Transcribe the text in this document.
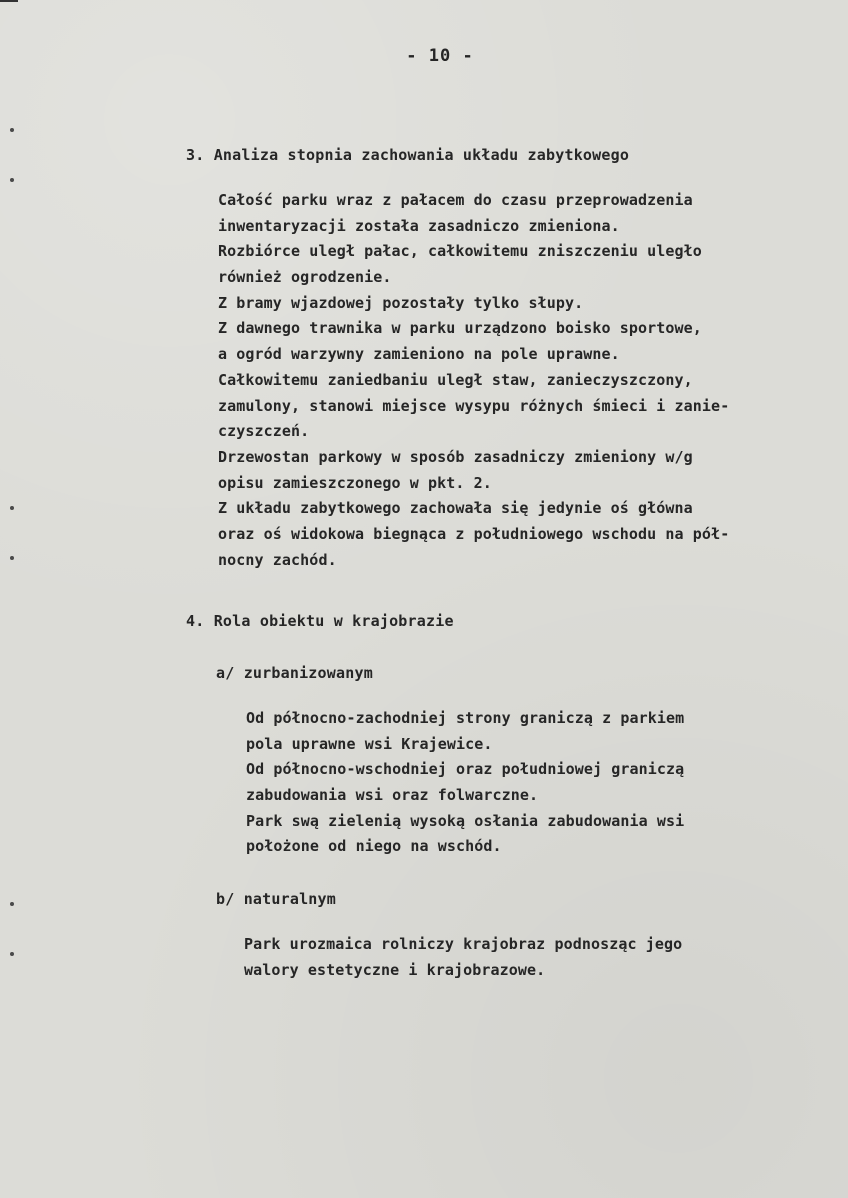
- 10 -
3. Analiza stopnia zachowania układu zabytkowego
Całość parku wraz z pałacem do czasu przeprowadzenia
inwentaryzacji została zasadniczo zmieniona.
Rozbiórce uległ pałac, całkowitemu zniszczeniu uległo
również ogrodzenie.
Z bramy wjazdowej pozostały tylko słupy.
Z dawnego trawnika w parku urządzono boisko sportowe,
a ogród warzywny zamieniono na pole uprawne.
Całkowitemu zaniedbaniu uległ staw, zanieczyszczony,
zamulony, stanowi miejsce wysypu różnych śmieci i zanie-
czyszczeń.
Drzewostan parkowy w sposób zasadniczy zmieniony w/g
opisu zamieszczonego w pkt. 2.
Z układu zabytkowego zachowała się jedynie oś główna
oraz oś widokowa biegnąca z południowego wschodu na pół-
nocny zachód.
4. Rola obiektu w krajobrazie
a/ zurbanizowanym
Od północno-zachodniej strony graniczą z parkiem
pola uprawne wsi Krajewice.
Od północno-wschodniej oraz południowej graniczą
zabudowania wsi oraz folwarczne.
Park swą zielenią wysoką osłania zabudowania wsi
położone od niego na wschód.
b/ naturalnym
Park urozmaica rolniczy krajobraz podnosząc jego
walory estetyczne i krajobrazowe.
